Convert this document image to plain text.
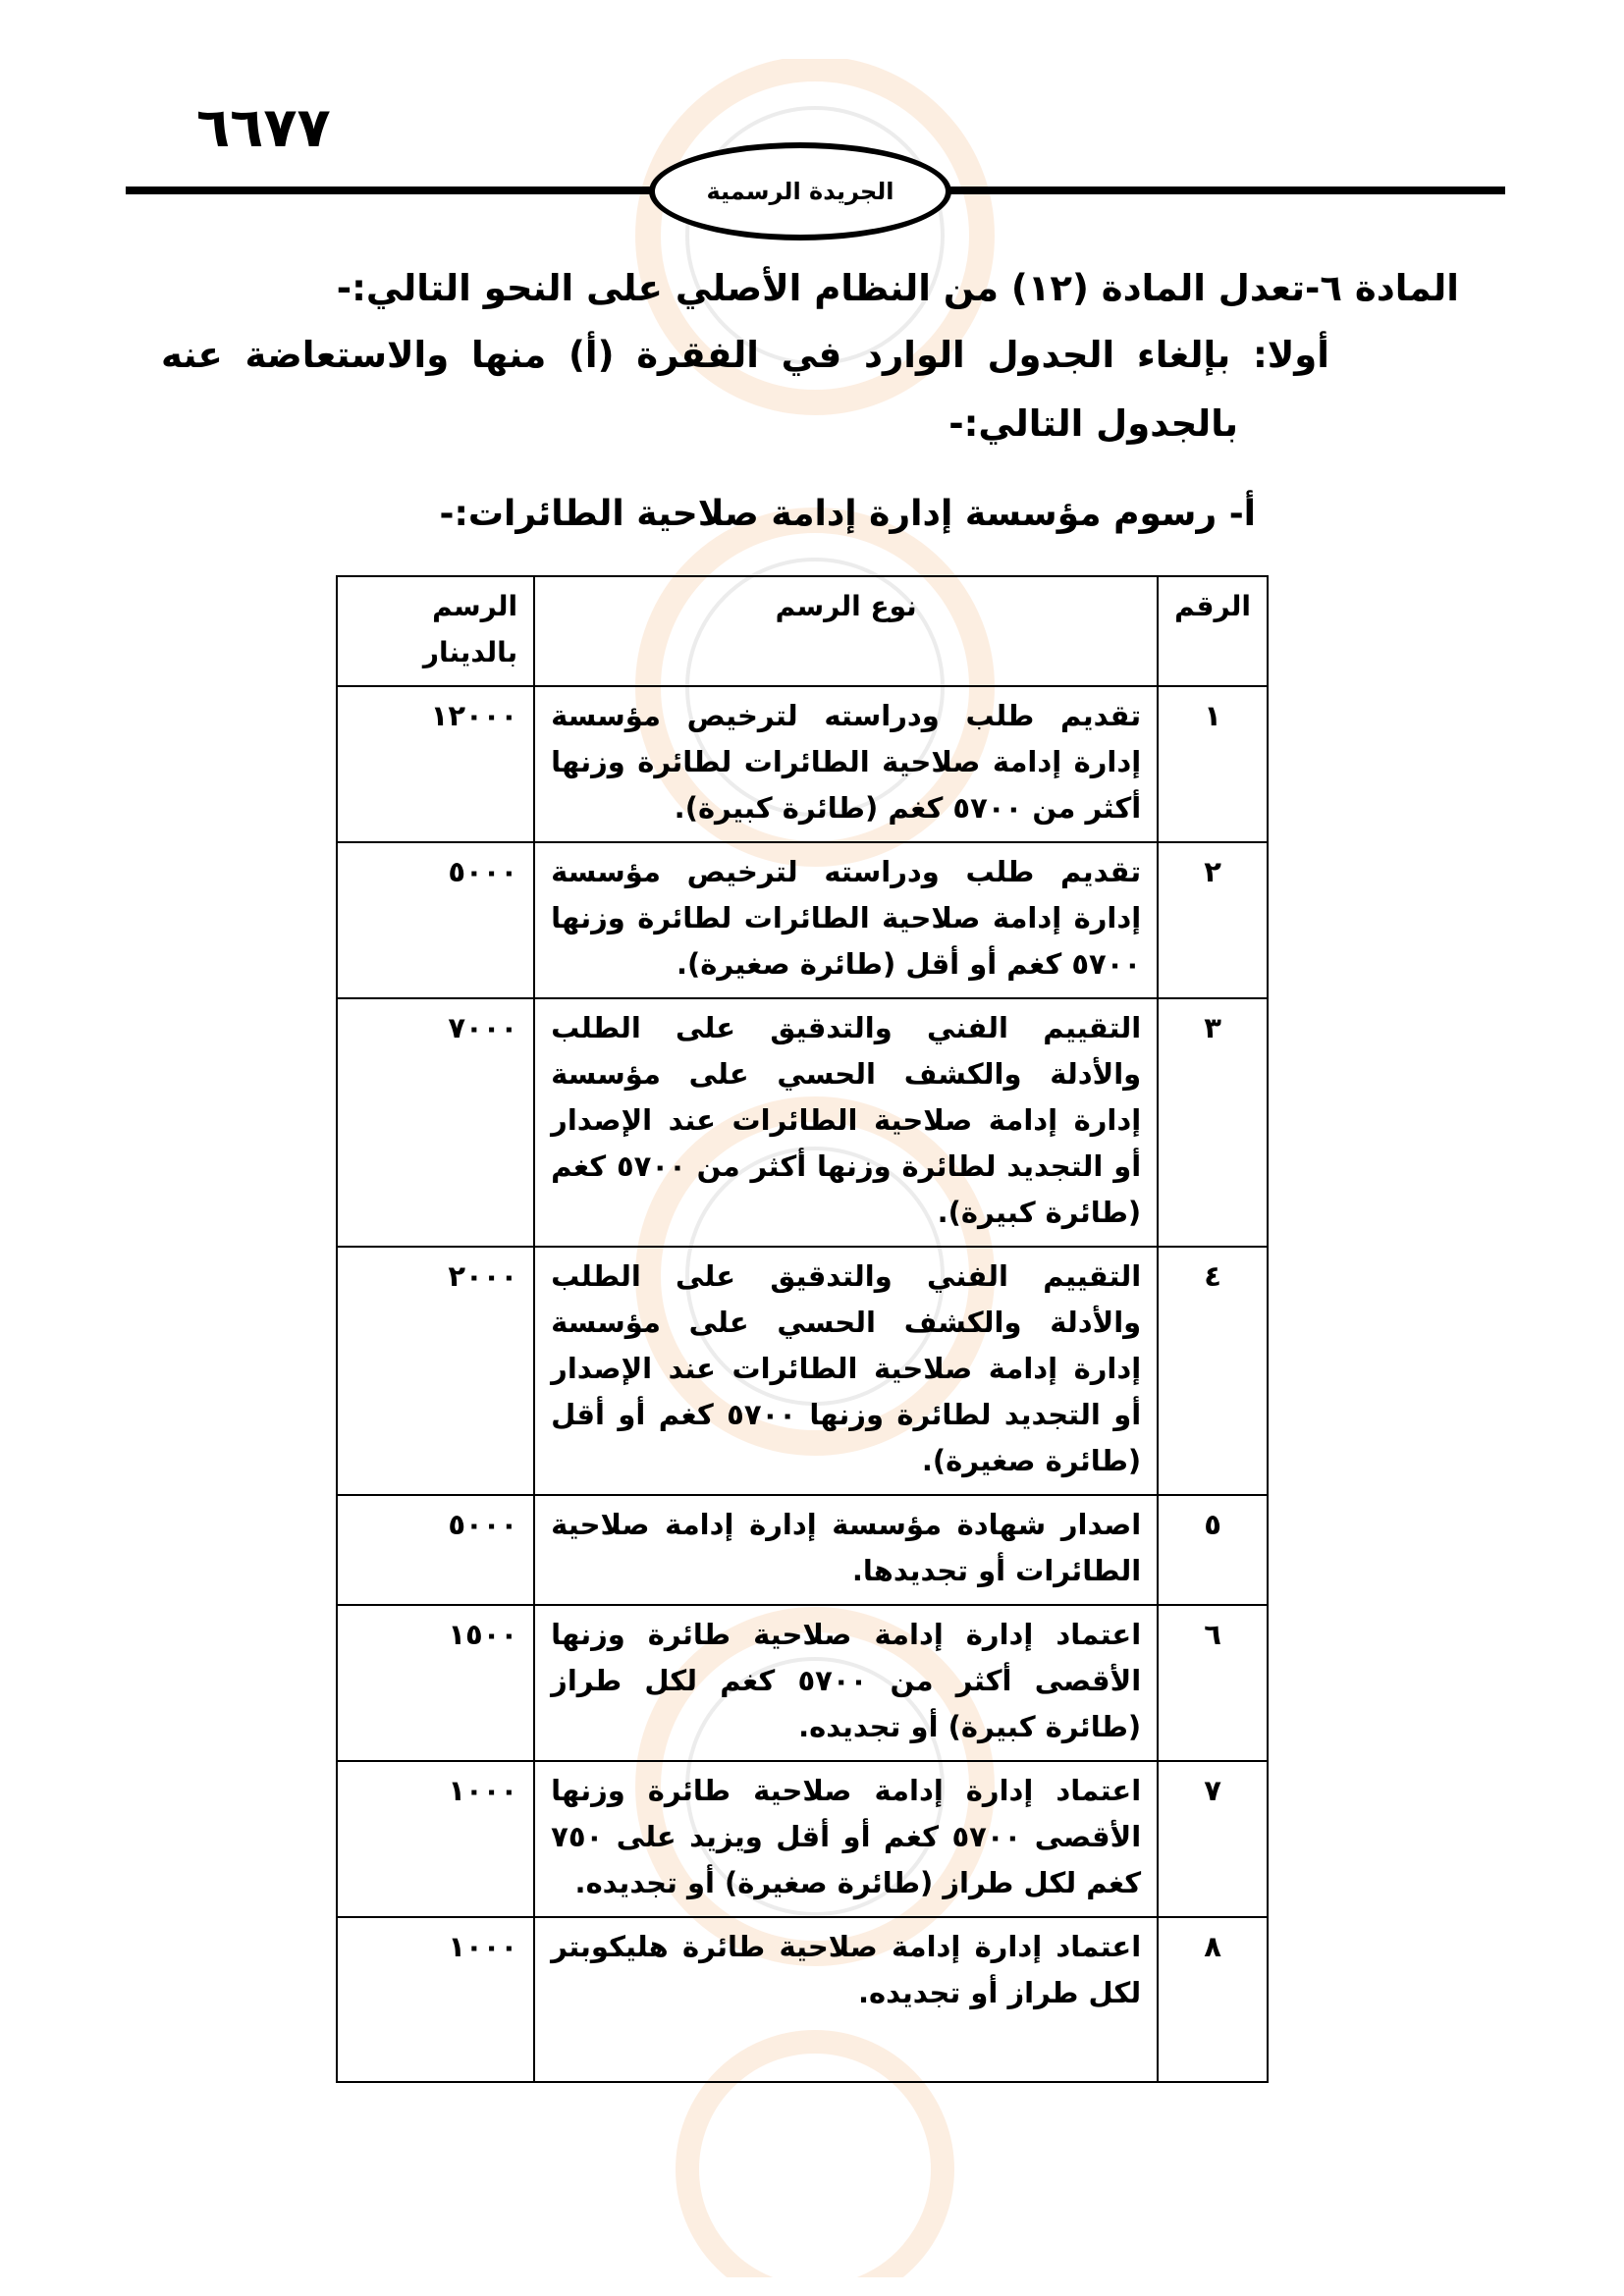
٦٦٧٧
الجريدة الرسمية
المادة ٦-تعدل المادة (١٢) من النظام الأصلي على النحو التالي:-
أولا: بإلغاء الجدول الوارد في الفقرة (أ) منها والاستعاضة عنه
بالجدول التالي:-
أ- رسوم مؤسسة إدارة إدامة صلاحية الطائرات:-
الرقم	نوع الرسم	الرسم بالدينار
١	تقديم طلب ودراسته لترخيص مؤسسة إدارة إدامة صلاحية الطائرات لطائرة وزنها أكثر من ٥٧٠٠ كغم (طائرة كبيرة).	١٢٠٠٠
٢	تقديم طلب ودراسته لترخيص مؤسسة إدارة إدامة صلاحية الطائرات لطائرة وزنها ٥٧٠٠ كغم أو أقل (طائرة صغيرة).	٥٠٠٠
٣	التقييم الفني والتدقيق على الطلب والأدلة والكشف الحسي على مؤسسة إدارة إدامة صلاحية الطائرات عند الإصدار أو التجديد لطائرة وزنها أكثر من ٥٧٠٠ كغم (طائرة كبيرة).	٧٠٠٠
٤	التقييم الفني والتدقيق على الطلب والأدلة والكشف الحسي على مؤسسة إدارة إدامة صلاحية الطائرات عند الإصدار أو التجديد لطائرة وزنها ٥٧٠٠ كغم أو أقل (طائرة صغيرة).	٢٠٠٠
٥	اصدار شهادة مؤسسة إدارة إدامة صلاحية الطائرات أو تجديدها.	٥٠٠٠
٦	اعتماد إدارة إدامة صلاحية طائرة وزنها الأقصى أكثر من ٥٧٠٠ كغم لكل طراز (طائرة كبيرة) أو تجديده.	١٥٠٠
٧	اعتماد إدارة إدامة صلاحية طائرة وزنها الأقصى ٥٧٠٠ كغم أو أقل ويزيد على ٧٥٠ كغم لكل طراز (طائرة صغيرة) أو تجديده.	١٠٠٠
٨	اعتماد إدارة إدامة صلاحية طائرة هليكوبتر لكل طراز أو تجديده.	١٠٠٠
